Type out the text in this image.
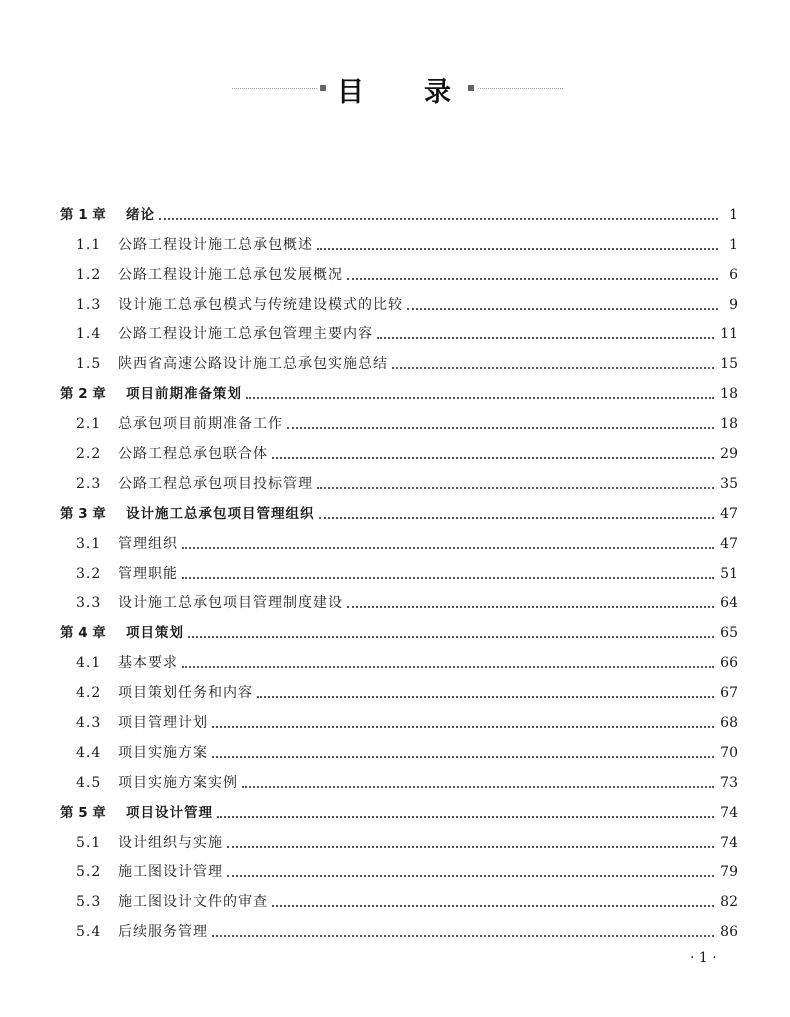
目 录
第 1 章	绪论	1
1.1	公路工程设计施工总承包概述	1
1.2	公路工程设计施工总承包发展概况	6
1.3	设计施工总承包模式与传统建设模式的比较	9
1.4	公路工程设计施工总承包管理主要内容	11
1.5	陕西省高速公路设计施工总承包实施总结	15
第 2 章	项目前期准备策划	18
2.1	总承包项目前期准备工作	18
2.2	公路工程总承包联合体	29
2.3	公路工程总承包项目投标管理	35
第 3 章	设计施工总承包项目管理组织	47
3.1	管理组织	47
3.2	管理职能	51
3.3	设计施工总承包项目管理制度建设	64
第 4 章	项目策划	65
4.1	基本要求	66
4.2	项目策划任务和内容	67
4.3	项目管理计划	68
4.4	项目实施方案	70
4.5	项目实施方案实例	73
第 5 章	项目设计管理	74
5.1	设计组织与实施	74
5.2	施工图设计管理	79
5.3	施工图设计文件的审查	82
5.4	后续服务管理	86
· 1 ·
